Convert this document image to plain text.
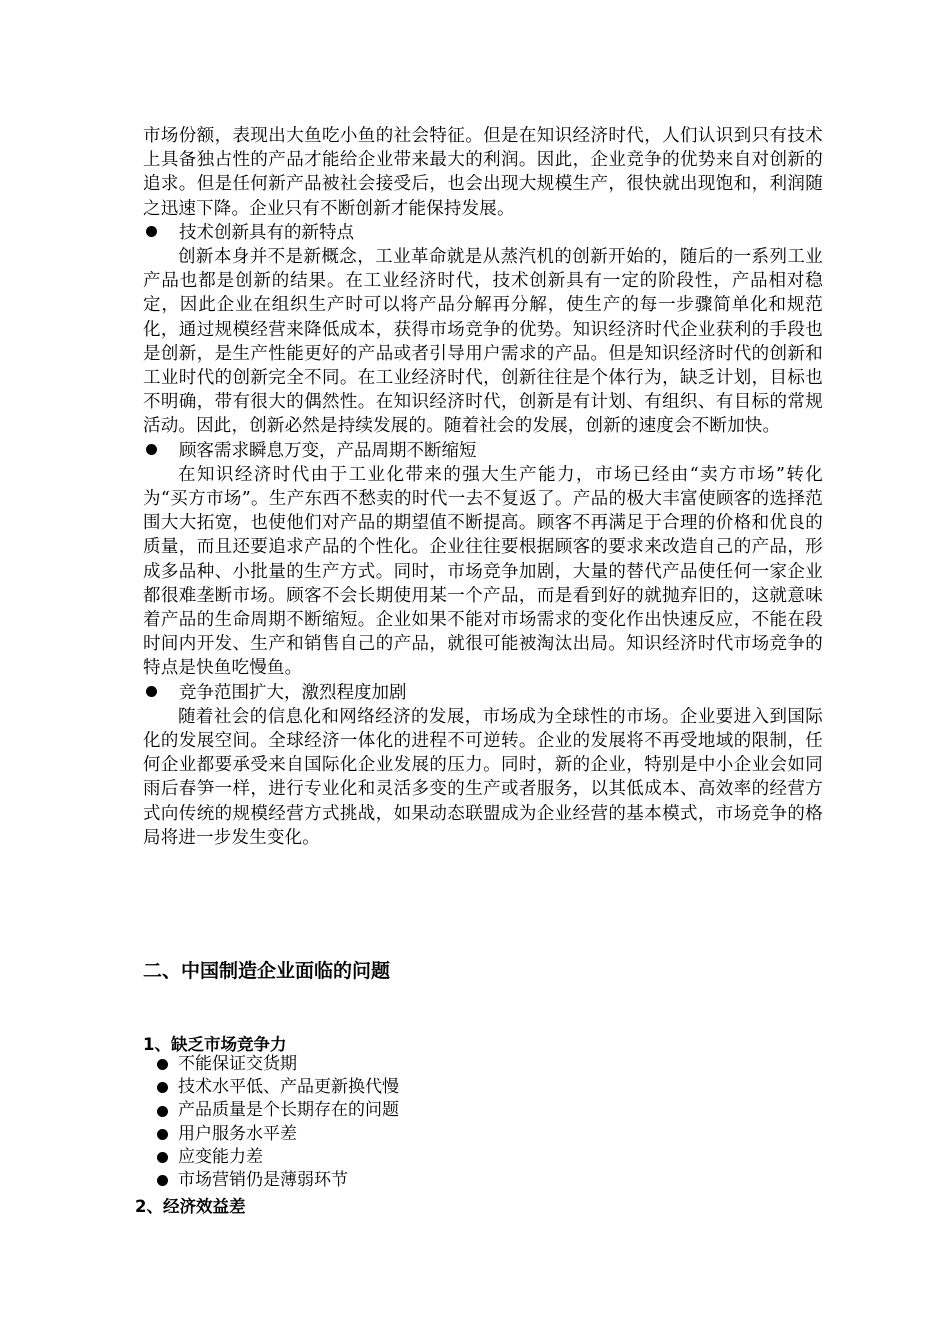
市场份额，表现出大鱼吃小鱼的社会特征。但是在知识经济时代，人们认识到只有技术上具备独占性的产品才能给企业带来最大的利润。因此，企业竞争的优势来自对创新的追求。但是任何新产品被社会接受后，也会出现大规模生产，很快就出现饱和，利润随之迅速下降。企业只有不断创新才能保持发展。

技术创新具有的新特点

创新本身并不是新概念，工业革命就是从蒸汽机的创新开始的，随后的一系列工业产品也都是创新的结果。在工业经济时代，技术创新具有一定的阶段性，产品相对稳定，因此企业在组织生产时可以将产品分解再分解，使生产的每一步骤简单化和规范化，通过规模经营来降低成本，获得市场竞争的优势。知识经济时代企业获利的手段也是创新，是生产性能更好的产品或者引导用户需求的产品。但是知识经济时代的创新和工业时代的创新完全不同。在工业经济时代，创新往往是个体行为，缺乏计划，目标也不明确，带有很大的偶然性。在知识经济时代，创新是有计划、有组织、有目标的常规活动。因此，创新必然是持续发展的。随着社会的发展，创新的速度会不断加快。

顾客需求瞬息万变，产品周期不断缩短

在知识经济时代由于工业化带来的强大生产能力，市场已经由“卖方市场”转化为“买方市场”。生产东西不愁卖的时代一去不复返了。产品的极大丰富使顾客的选择范围大大拓宽，也使他们对产品的期望值不断提高。顾客不再满足于合理的价格和优良的质量，而且还要追求产品的个性化。企业往往要根据顾客的要求来改造自己的产品，形成多品种、小批量的生产方式。同时，市场竞争加剧，大量的替代产品使任何一家企业都很难垄断市场。顾客不会长期使用某一个产品，而是看到好的就抛弃旧的，这就意味着产品的生命周期不断缩短。企业如果不能对市场需求的变化作出快速反应，不能在段时间内开发、生产和销售自己的产品，就很可能被淘汰出局。知识经济时代市场竞争的特点是快鱼吃慢鱼。

竞争范围扩大，激烈程度加剧

随着社会的信息化和网络经济的发展，市场成为全球性的市场。企业要进入到国际化的发展空间。全球经济一体化的进程不可逆转。企业的发展将不再受地域的限制，任何企业都要承受来自国际化企业发展的压力。同时，新的企业，特别是中小企业会如同雨后春笋一样，进行专业化和灵活多变的生产或者服务，以其低成本、高效率的经营方式向传统的规模经营方式挑战，如果动态联盟成为企业经营的基本模式，市场竞争的格局将进一步发生变化。

二、中国制造企业面临的问题
1、缺乏市场竞争力
不能保证交货期
技术水平低、产品更新换代慢
产品质量是个长期存在的问题
用户服务水平差
应变能力差
市场营销仍是薄弱环节
2、经济效益差
